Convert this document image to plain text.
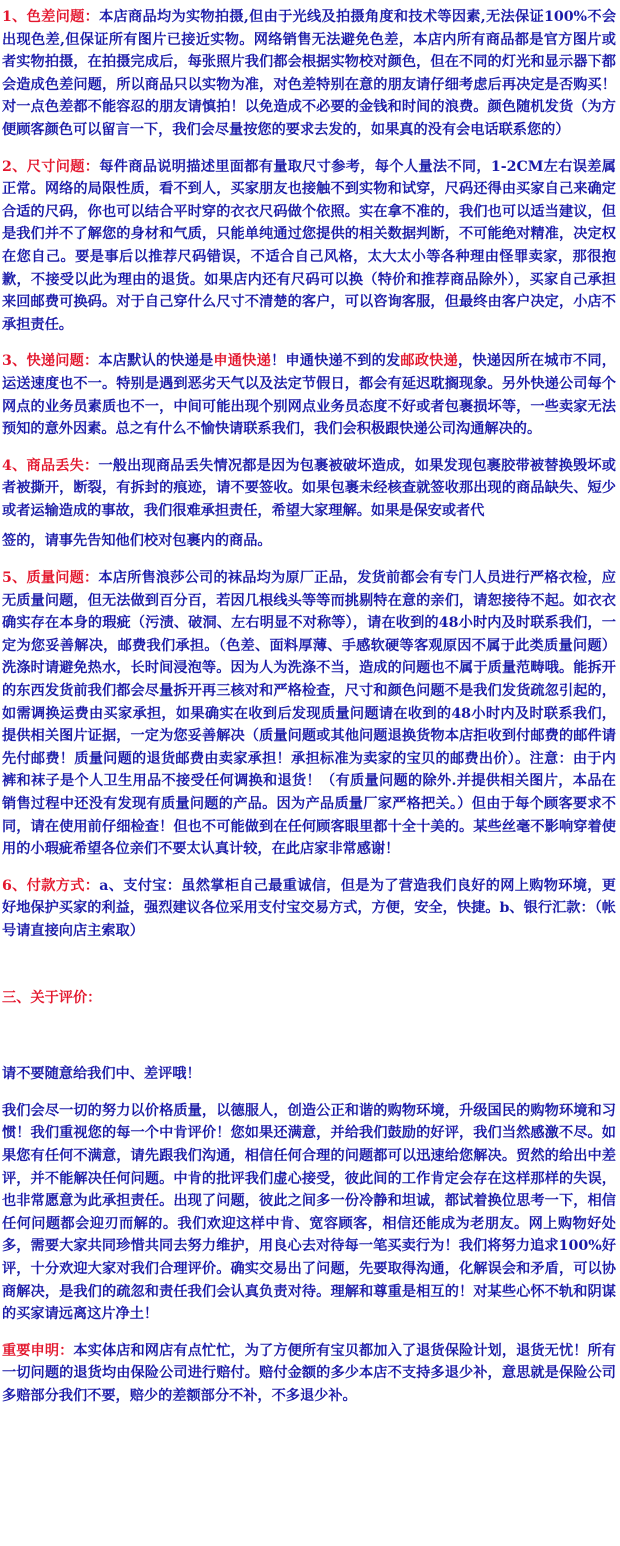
1、色差问题：本店商品均为实物拍摄,但由于光线及拍摄角度和技术等因素,无法保证100%不会出现色差,但保证所有图片已接近实物。网络销售无法避免色差，本店内所有商品都是官方图片或者实物拍摄，在拍摄完成后，每张照片我们都会根据实物校对颜色，但在不同的灯光和显示器下都会造成色差问题，所以商品只以实物为准，对色差特别在意的朋友请仔细考虑后再决定是否购买！对一点色差都不能容忍的朋友请慎拍！以免造成不必要的金钱和时间的浪费。颜色随机发货（为方便顾客颜色可以留言一下，我们会尽量按您的要求去发的，如果真的没有会电话联系您的）

2、尺寸问题：每件商品说明描述里面都有量取尺寸参考，每个人量法不同，1-2CM左右误差属正常。网络的局限性质，看不到人，买家朋友也接触不到实物和试穿，尺码还得由买家自己来确定合适的尺码，你也可以结合平时穿的衣衣尺码做个依照。实在拿不准的，我们也可以适当建议，但是我们并不了解您的身材和气质，只能单纯通过您提供的相关数据判断，不可能绝对精准，决定权在您自己。要是事后以推荐尺码错误，不适合自己风格，太大太小等各种理由怪罪卖家，那很抱歉，不接受以此为理由的退货。如果店内还有尺码可以换（特价和推荐商品除外），买家自己承担来回邮费可换码。对于自己穿什么尺寸不清楚的客户，可以咨询客服，但最终由客户决定，小店不承担责任。

3、快递问题：本店默认的快递是申通快递！申通快递不到的发邮政快递，快递因所在城市不同，运送速度也不一。特别是遇到恶劣天气以及法定节假日，都会有延迟耽搁现象。另外快递公司每个网点的业务员素质也不一，中间可能出现个别网点业务员态度不好或者包裹损坏等，一些卖家无法预知的意外因素。总之有什么不愉快请联系我们，我们会积极跟快递公司沟通解决的。

4、商品丢失：一般出现商品丢失情况都是因为包裹被破坏造成，如果发现包裹胶带被替换毁坏或者被撕开，断裂，有拆封的痕迹，请不要签收。如果包裹未经核查就签收那出现的商品缺失、短少或者运输造成的事故，我们很难承担责任，希望大家理解。如果是保安或者代

签的，请事先告知他们校对包裹内的商品。

5、质量问题：本店所售浪莎公司的袜品均为原厂正品，发货前都会有专门人员进行严格衣检，应无质量问题，但无法做到百分百，若因几根线头等等而挑剔特在意的亲们，请恕接待不起。如衣衣确实存在本身的瑕疵（污渍、破洞、左右明显不对称等），请在收到的48小时内及时联系我们，一定为您妥善解决，邮费我们承担。（色差、面料厚薄、手感软硬等客观原因不属于此类质量问题）洗涤时请避免热水，长时间浸泡等。因为人为洗涤不当，造成的问题也不属于质量范畴哦。能拆开的东西发货前我们都会尽量拆开再三核对和严格检查，尺寸和颜色问题不是我们发货疏忽引起的，如需调换运费由买家承担，如果确实在收到后发现质量问题请在收到的48小时内及时联系我们，提供相关图片证据，一定为您妥善解决（质量问题或其他问题退换货物本店拒收到付邮费的邮件请先付邮费！质量问题的退货邮费由卖家承担！承担标准为卖家的宝贝的邮费出价）。注意：由于内裤和袜子是个人卫生用品不接受任何调换和退货！（有质量问题的除外.并提供相关图片，本品在销售过程中还没有发现有质量问题的产品。因为产品质量厂家严格把关。）但由于每个顾客要求不同，请在使用前仔细检查！但也不可能做到在任何顾客眼里都十全十美的。某些丝毫不影响穿着使用的小瑕疵希望各位亲们不要太认真计较，在此店家非常感谢！

6、付款方式：a、支付宝：虽然掌柜自己最重诚信，但是为了营造我们良好的网上购物环境，更好地保护买家的利益，强烈建议各位采用支付宝交易方式，方便，安全，快捷。b、银行汇款：（帐号请直接向店主索取）

三、关于评价：

请不要随意给我们中、差评哦！

我们会尽一切的努力以价格质量，以德服人，创造公正和谐的购物环境，升级国民的购物环境和习惯！我们重视您的每一个中肯评价！您如果还满意，并给我们鼓励的好评，我们当然感激不尽。如果您有任何不满意，请先跟我们沟通，相信任何合理的问题都可以迅速给您解决。贸然的给出中差评，并不能解决任何问题。中肯的批评我们虚心接受，彼此间的工作肯定会存在这样那样的失误，也非常愿意为此承担责任。出现了问题，彼此之间多一份冷静和坦诚，都试着换位思考一下，相信任何问题都会迎刃而解的。我们欢迎这样中肯、宽容顾客，相信还能成为老朋友。网上购物好处多，需要大家共同珍惜共同去努力维护，用良心去对待每一笔买卖行为！我们将努力追求100%好评，十分欢迎大家对我们合理评价。确实交易出了问题，先要取得沟通，化解误会和矛盾，可以协商解决，是我们的疏忽和责任我们会认真负责对待。理解和尊重是相互的！对某些心怀不轨和阴谋的买家请远离这片净土！

重要申明：本实体店和网店有点忙忙，为了方便所有宝贝都加入了退货保险计划，退货无忧！所有一切问题的退货均由保险公司进行赔付。赔付金额的多少本店不支持多退少补，意思就是保险公司多赔部分我们不要，赔少的差额部分不补，不多退少补。
